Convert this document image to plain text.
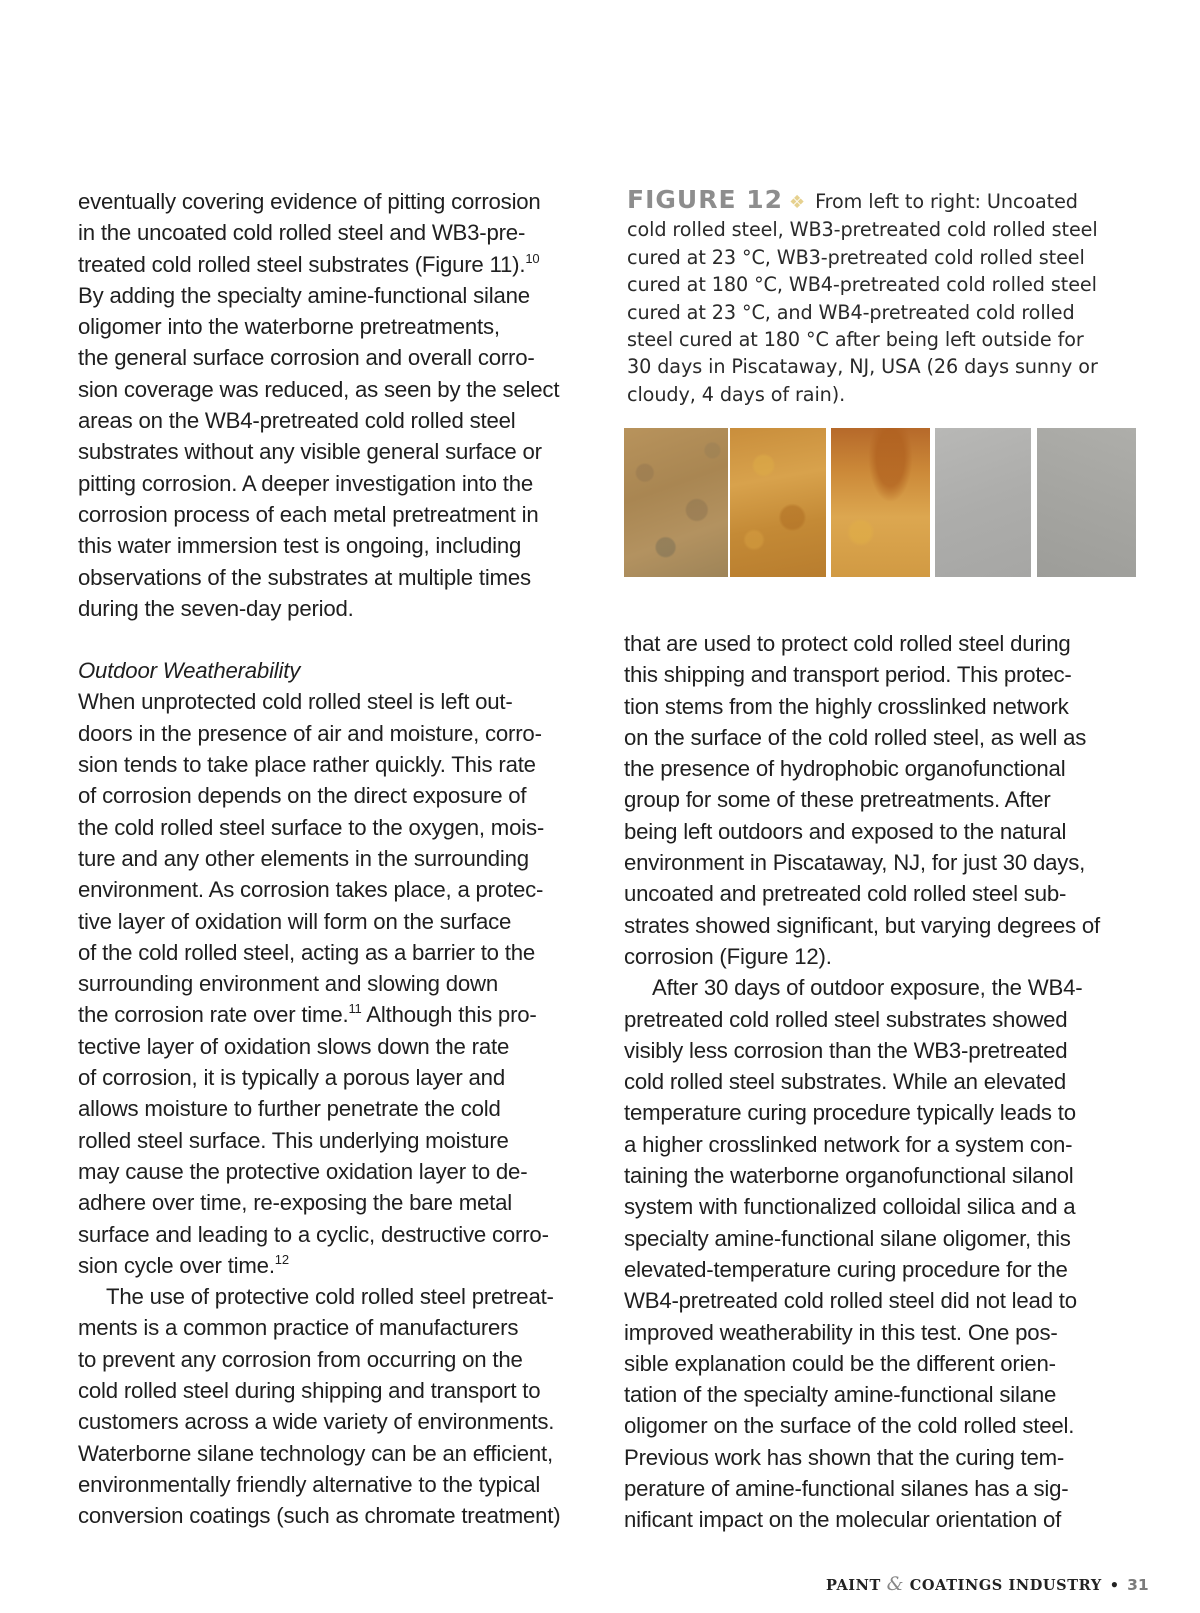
eventually covering evidence of pitting corrosion
in the uncoated cold rolled steel and WB3-pre-
treated cold rolled steel substrates (Figure 11).$^{10}$
By adding the specialty amine-functional silane
oligomer into the waterborne pretreatments,
the general surface corrosion and overall corro-
sion coverage was reduced, as seen by the select
areas on the WB4-pretreated cold rolled steel
substrates without any visible general surface or
pitting corrosion. A deeper investigation into the
corrosion process of each metal pretreatment in
this water immersion test is ongoing, including
observations of the substrates at multiple times
during the seven-day period.

Outdoor Weatherability

When unprotected cold rolled steel is left out-
doors in the presence of air and moisture, corro-
sion tends to take place rather quickly. This rate
of corrosion depends on the direct exposure of
the cold rolled steel surface to the oxygen, mois-
ture and any other elements in the surrounding
environment. As corrosion takes place, a protec-
tive layer of oxidation will form on the surface
of the cold rolled steel, acting as a barrier to the
surrounding environment and slowing down
the corrosion rate over time.$^{11}$ Although this pro-
tective layer of oxidation slows down the rate
of corrosion, it is typically a porous layer and
allows moisture to further penetrate the cold
rolled steel surface. This underlying moisture
may cause the protective oxidation layer to de-
adhere over time, re-exposing the bare metal
surface and leading to a cyclic, destructive corro-
sion cycle over time.$^{12}$

The use of protective cold rolled steel pretreat-
ments is a common practice of manufacturers
to prevent any corrosion from occurring on the
cold rolled steel during shipping and transport to
customers across a wide variety of environments.
Waterborne silane technology can be an efficient,
environmentally friendly alternative to the typical
conversion coatings (such as chromate treatment)

FIGURE 12 ❖ From left to right: Uncoated
cold rolled steel, WB3-pretreated cold rolled steel
cured at 23 °C, WB3-pretreated cold rolled steel
cured at 180 °C, WB4-pretreated cold rolled steel
cured at 23 °C, and WB4-pretreated cold rolled
steel cured at 180 °C after being left outside for
30 days in Piscataway, NJ, USA (26 days sunny or
cloudy, 4 days of rain).

that are used to protect cold rolled steel during
this shipping and transport period. This protec-
tion stems from the highly crosslinked network
on the surface of the cold rolled steel, as well as
the presence of hydrophobic organofunctional
group for some of these pretreatments. After
being left outdoors and exposed to the natural
environment in Piscataway, NJ, for just 30 days,
uncoated and pretreated cold rolled steel sub-
strates showed significant, but varying degrees of
corrosion (Figure 12).

After 30 days of outdoor exposure, the WB4-
pretreated cold rolled steel substrates showed
visibly less corrosion than the WB3-pretreated
cold rolled steel substrates. While an elevated
temperature curing procedure typically leads to
a higher crosslinked network for a system con-
taining the waterborne organofunctional silanol
system with functionalized colloidal silica and a
specialty amine-functional silane oligomer, this
elevated-temperature curing procedure for the
WB4-pretreated cold rolled steel did not lead to
improved weatherability in this test. One pos-
sible explanation could be the different orien-
tation of the specialty amine-functional silane
oligomer on the surface of the cold rolled steel.
Previous work has shown that the curing tem-
perature of amine-functional silanes has a sig-
nificant impact on the molecular orientation of

PAINT & COATINGS INDUSTRY • 31
